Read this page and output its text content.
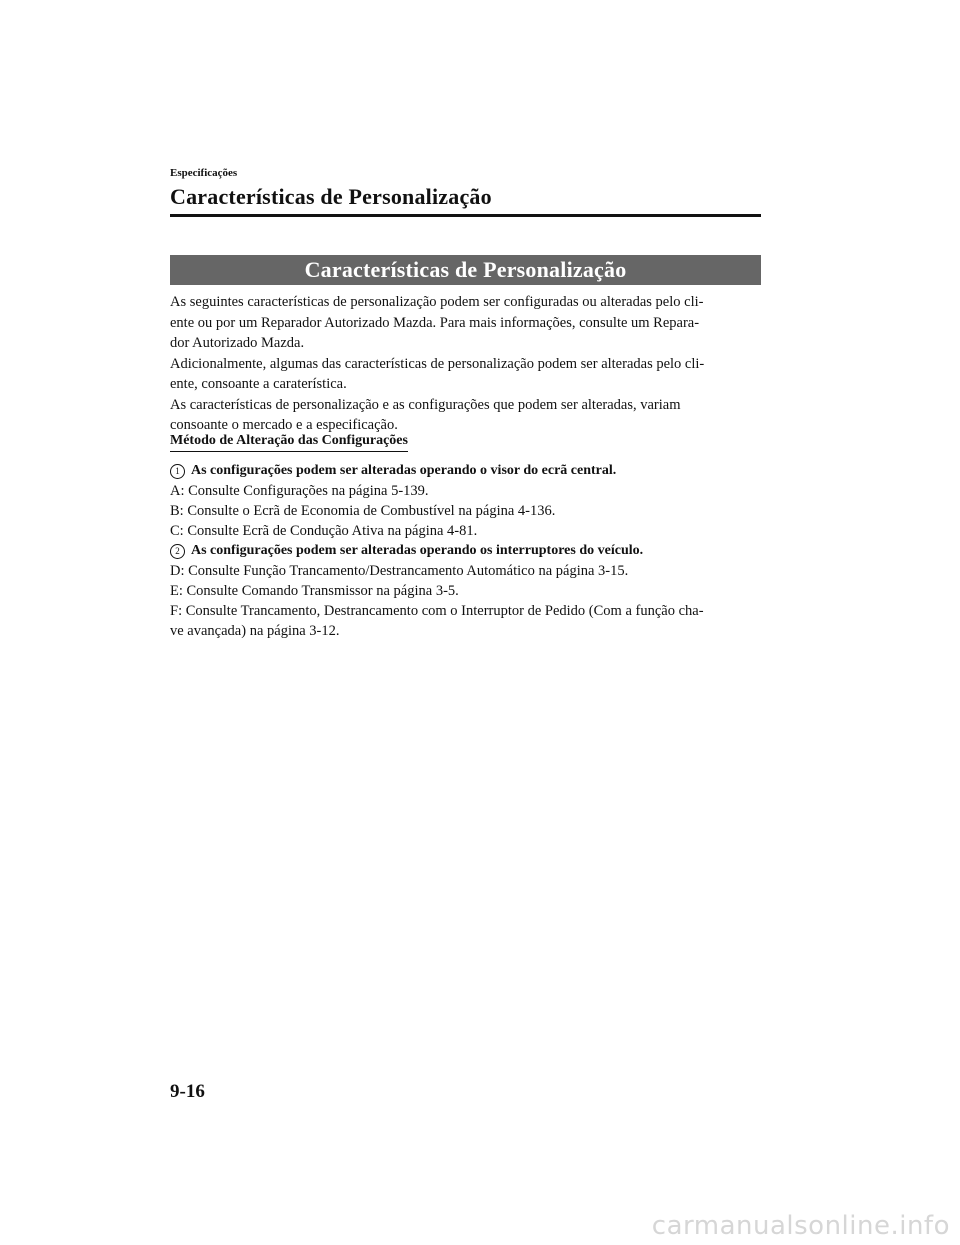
Especificações
Características de Personalização
Características de Personalização

As seguintes características de personalização podem ser configuradas ou alteradas pelo cli-

ente ou por um Reparador Autorizado Mazda. Para mais informações, consulte um Repara-

dor Autorizado Mazda.

Adicionalmente, algumas das características de personalização podem ser alteradas pelo cli-

ente, consoante a caraterística.

As características de personalização e as configurações que podem ser alteradas, variam

consoante o mercado e a especificação.

Método de Alteração das Configurações
1 As configurações podem ser alteradas operando o visor do ecrã central.

A: Consulte Configurações na página 5-139.

B: Consulte o Ecrã de Economia de Combustível na página 4-136.

C: Consulte Ecrã de Condução Ativa na página 4-81.

2 As configurações podem ser alteradas operando os interruptores do veículo.

D: Consulte Função Trancamento/Destrancamento Automático na página 3-15.

E: Consulte Comando Transmissor na página 3-5.

F: Consulte Trancamento, Destrancamento com o Interruptor de Pedido (Com a função cha-

ve avançada) na página 3-12.

9-16
carmanualsonline.info
